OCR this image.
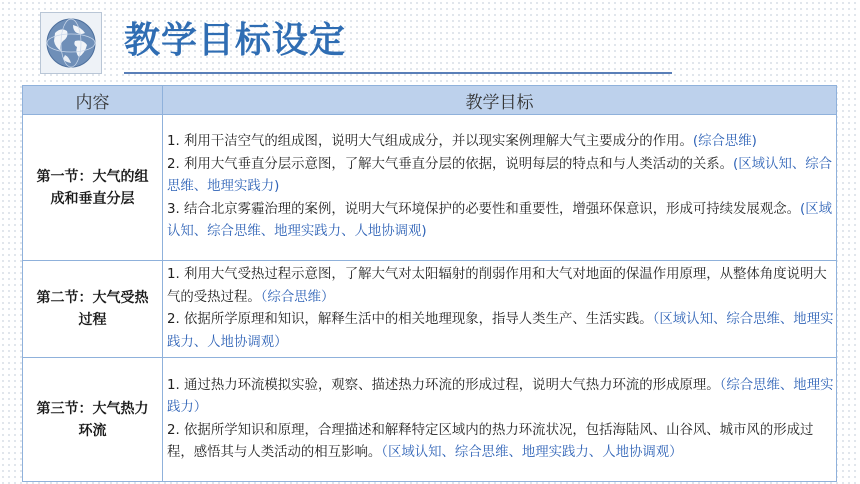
教学目标设定
内容	教学目标
第一节：大气的组成和垂直分层	1. 利用干洁空气的组成图，说明大气组成成分，并以现实案例理解大气主要成分的作用。(综合思维)
2. 利用大气垂直分层示意图，了解大气垂直分层的依据，说明每层的特点和与人类活动的关系。(区域认知、综合思维、地理实践力)
3. 结合北京雾霾治理的案例，说明大气环境保护的必要性和重要性，增强环保意识，形成可持续发展观念。(区域认知、综合思维、地理实践力、人地协调观)

第二节：大气受热过程	1. 利用大气受热过程示意图，了解大气对太阳辐射的削弱作用和大气对地面的保温作用原理，从整体角度说明大气的受热过程。（综合思维）
2. 依据所学原理和知识，解释生活中的相关地理现象，指导人类生产、生活实践。（区域认知、综合思维、地理实践力、人地协调观）

第三节：大气热力环流	1. 通过热力环流模拟实验，观察、描述热力环流的形成过程，说明大气热力环流的形成原理。（综合思维、地理实践力）
2. 依据所学知识和原理，合理描述和解释特定区域内的热力环流状况，包括海陆风、山谷风、城市风的形成过程，感悟其与人类活动的相互影响。（区域认知、综合思维、地理实践力、人地协调观）
